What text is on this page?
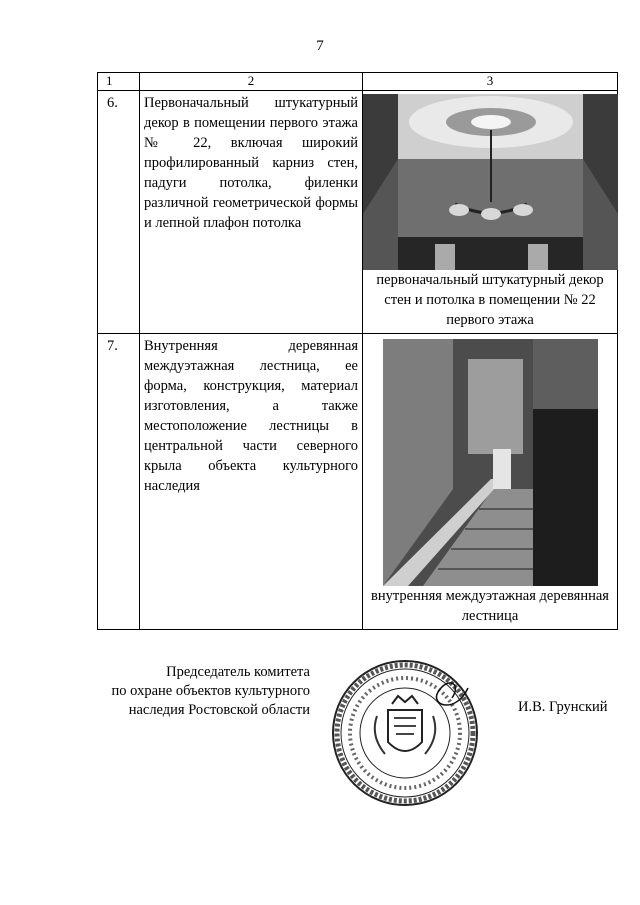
7
1	2	3

6.	Первоначальный штукатурный декор в помещении первого этажа № 22, включая широкий профилированный карниз стен, падуги потолка, филенки различной геометрической формы и лепной плафон потолка	первоначальный штукатурный декор стен и потолка в помещении № 22 первого этажа

7.	Внутренняя деревянная междуэтажная лестница, ее форма, конструкция, материал изготовления, а также местоположение лестницы в центральной части северного крыла объекта культурного наследия	внутренняя междуэтажная деревянная лестница
Председатель комитета
по охране объектов культурного
наследия Ростовской области	И.В. Грунский
